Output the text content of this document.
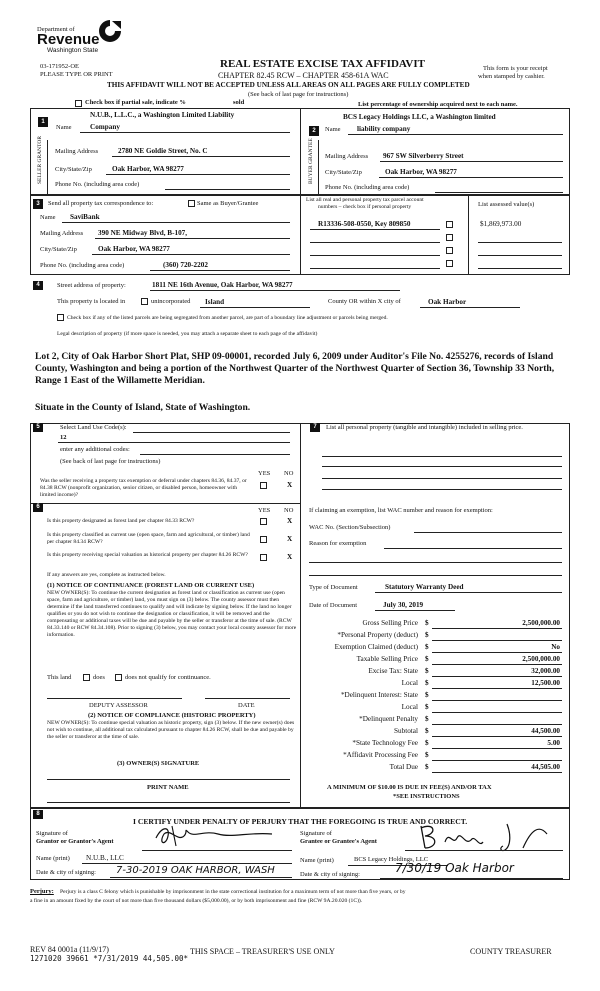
Department of
Revenue
Washington State
03-171952-OE
PLEASE TYPE OR PRINT
REAL ESTATE EXCISE TAX AFFIDAVIT
CHAPTER 82.45 RCW – CHAPTER 458-61A WAC
THIS AFFIDAVIT WILL NOT BE ACCEPTED UNLESS ALL AREAS ON ALL PAGES ARE FULLY COMPLETED
(See back of last page for instructions)
This form is your receipt
when stamped by cashier.
Check box if partial sale, indicate %	sold	List percentage of ownership acquired next to each name.
1
SELLER GRANTOR
N.U.B., L.L.C., a Washington Limited Liability
Name	Company
Mailing Address	2780 NE Goldie Street, No. C
City/State/Zip	Oak Harbor, WA 98277
Phone No. (including area code)
2
BUYER GRANTEE
BCS Legacy Holdings LLC, a Washington limited
Name liability company
Mailing Address 967 SW Silverberry Street
City/State/Zip	Oak Harbor, WA 98277
Phone No. (including area code)
3	Send all property tax correspondence to:	Same as Buyer/Grantee
Name SaviBank
Mailing Address 390 NE Midway Blvd, B-107,
City/State/Zip	Oak Harbor, WA 98277
Phone No. (including area code)	(360) 720-2202
List all real and personal property tax parcel account
numbers – check box if personal property	List assessed value(s)
R13336-508-0550, Key 809850	$1,869,973.00
4	Street address of property:	1811 NE 16th Avenue, Oak Harbor, WA 98277
This property is located in	unincorporated Island	County OR within X city of	Oak Harbor
Check box if any of the listed parcels are being segregated from another parcel, are part of a boundary line adjustment or parcels being merged.
Legal description of property (if more space is needed, you may attach a separate sheet to each page of the affidavit)
Lot 2, City of Oak Harbor Short Plat, SHP 09-00001, recorded July 6, 2009 under Auditor's File No. 4255276, records of Island County, Washington and being a portion of the Northwest Quarter of the Northwest Quarter of Section 36, Township 33 North, Range 1 East of the Willamette Meridian.
Situate in the County of Island, State of Washington.
5	Select Land Use Code(s):
12
enter any additional codes:
(See back of last page for instructions)
YES NO
Was the seller receiving a property tax exemption or deferral under chapters 84.36, 84.37, or 84.38 RCW (nonprofit organization, senior citizen, or disabled person, homeowner with limited income)?
X
6	YES NO
Is this property designated as forest land per chapter 84.33 RCW?	X
Is this property classified as current use (open space, farm and agricultural, or timber) land per chapter 84.34 RCW?	X
Is this property receiving special valuation as historical property per chapter 84.26 RCW?	X
If any answers are yes, complete as instructed below.
(1) NOTICE OF CONTINUANCE (FOREST LAND OR CURRENT USE)
NEW OWNER(S): To continue the current designation as forest land or classification as current use (open space, farm and agriculture, or timber) land, you must sign on (3) below. The county assessor must then determine if the land transferred continues to qualify and will indicate by signing below. If the land no longer qualifies or you do not wish to continue the designation or classification, it will be removed and the compensating or additional taxes will be due and payable by the seller or transferor at the time of sale. (RCW 84.33.140 or RCW 84.34.108). Prior to signing (3) below, you may contact your local county assessor for more information.
This land	does	does not qualify for continuance.
DEPUTY ASSESSOR	DATE
(2) NOTICE OF COMPLIANCE (HISTORIC PROPERTY)
NEW OWNER(S): To continue special valuation as historic property, sign (3) below. If the new owner(s) does not wish to continue, all additional tax calculated pursuant to chapter 84.26 RCW, shall be due and payable by the seller or transferor at the time of sale.
(3) OWNER(S) SIGNATURE
PRINT NAME
7	List all personal property (tangible and intangible) included in selling price.
If claiming an exemption, list WAC number and reason for exemption:
WAC No. (Section/Subsection)
Reason for exemption
Type of Document	Statutory Warranty Deed
Date of Document	July 30, 2019
Gross Selling Price $	2,500,000.00
*Personal Property (deduct) $
Exemption Claimed (deduct) $	No
Taxable Selling Price $	2,500,000.00
Excise Tax: State $	32,000.00
Local $	12,500.00
*Delinquent Interest: State $
Local $
*Delinquent Penalty $
Subtotal $	44,500.00
*State Technology Fee $	5.00
*Affidavit Processing Fee $
Total Due $	44,505.00
A MINIMUM OF $10.00 IS DUE IN FEE(S) AND/OR TAX
*SEE INSTRUCTIONS
8
I CERTIFY UNDER PENALTY OF PERJURY THAT THE FOREGOING IS TRUE AND CORRECT.
Signature of
Grantor or Grantor's Agent
Name (print) N.U.B., LLC
Date & city of signing: 7-30-2019 OAK HARBOR, WASH
Signature of
Grantee or Grantee's Agent
Name (print)	BCS Legacy Holdings, LLC
Date & city of signing:	7/30/19 Oak Harbor
Perjury: Perjury is a class C felony which is punishable by imprisonment in the state correctional institution for a maximum term of not more than five years, or by
a fine in an amount fixed by the court of not more than five thousand dollars ($5,000.00), or by both imprisonment and fine (RCW 9A.20.020 (1C)).
REV 84 0001a (11/9/17)
1271020 39661 *7/31/2019 44,505.00*
THIS SPACE – TREASURER'S USE ONLY	COUNTY TREASURER
